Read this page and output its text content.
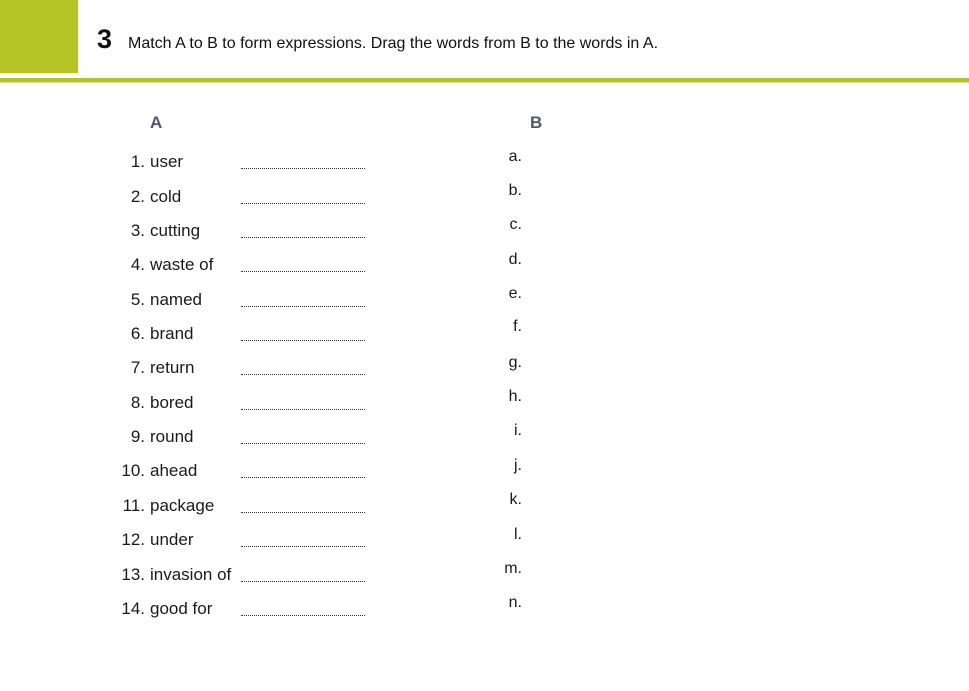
3 Match A to B to form expressions. Drag the words from B to the words in A.
A	B
1. user
2. cold
3. cutting
4. waste of
5. named
6. brand
7. return
8. bored
9. round
10. ahead
11. package
12. under
13. invasion of
14. good for
a.
b.
c.
d.
e.
f.
g.
h.
i.
j.
k.
l.
m.
n.
